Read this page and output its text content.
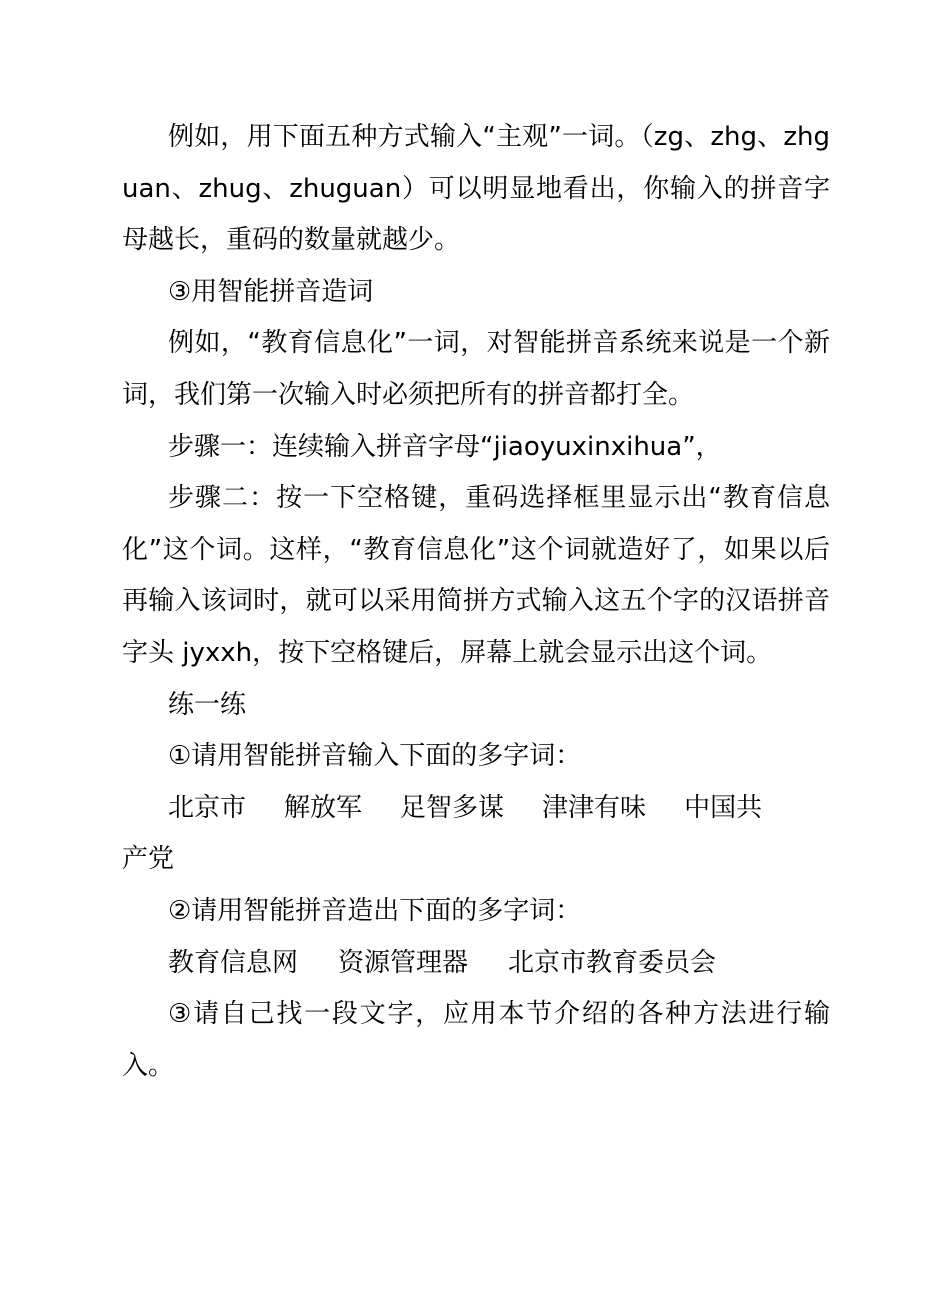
例如，用下面五种方式输入“主观”一词。（zg、zhg、zhguan、zhug、zhuguan）可以明显地看出，你输入的拼音字母越长，重码的数量就越少。

③用智能拼音造词

例如，“教育信息化”一词，对智能拼音系统来说是一个新词，我们第一次输入时必须把所有的拼音都打全。

步骤一：连续输入拼音字母“jiaoyuxinxihua”，

步骤二：按一下空格键，重码选择框里显示出“教育信息化”这个词。这样，“教育信息化”这个词就造好了，如果以后再输入该词时，就可以采用简拼方式输入这五个字的汉语拼音字头 jyxxh，按下空格键后，屏幕上就会显示出这个词。

练一练

①请用智能拼音输入下面的多字词：

北京市 解放军 足智多谋 津津有味 中国共
产党

②请用智能拼音造出下面的多字词：

教育信息网 资源管理器 北京市教育委员会

③请自己找一段文字，应用本节介绍的各种方法进行输入。
